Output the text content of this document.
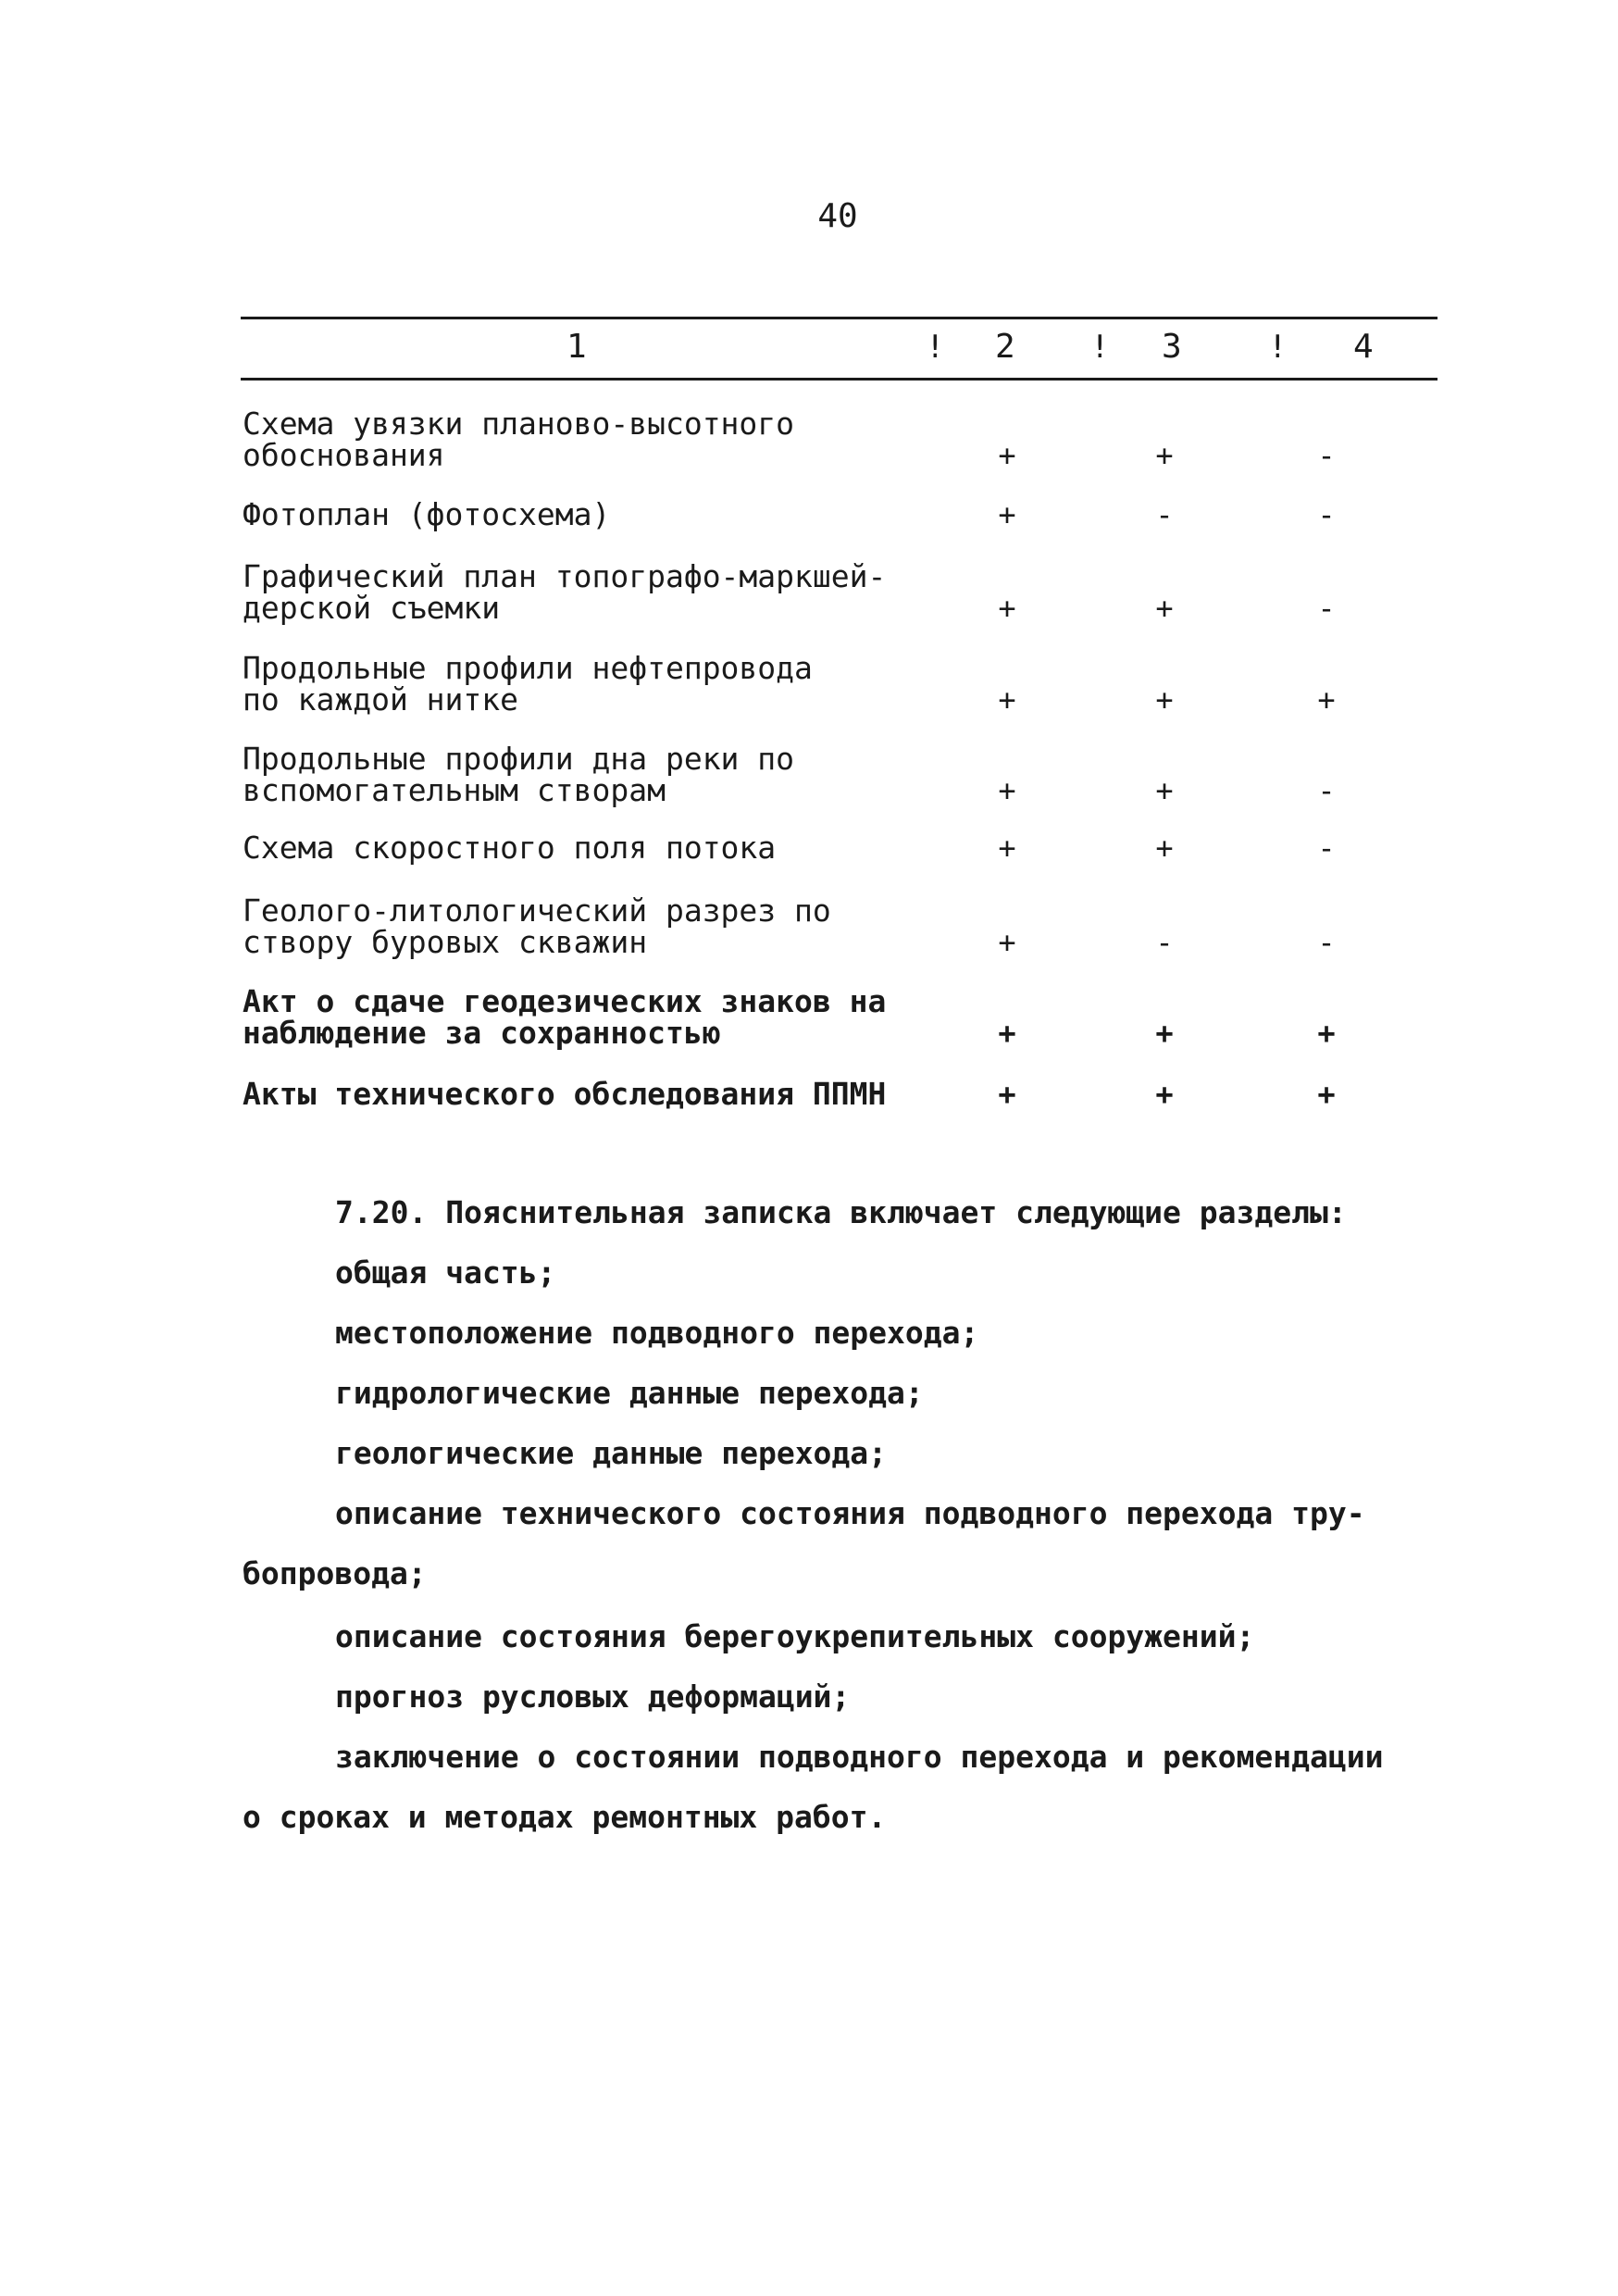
40
1	! 2 ! 3	! 4
Схема увязки планово-высотного
обоснования	+	+	-
Фотоплан (фотосхема)	+	-	-
Графический план топографо-маркшей-
дерской съемки	+	+	-
Продольные профили нефтепровода
по каждой нитке	+	+	+
Продольные профили дна реки по
вспомогательным створам	+	+	-
Схема скоростного поля потока	+	+	-
Геолого-литологический разрез по
створу буровых скважин	+	-	-
Акт о сдаче геодезических знаков на
наблюдение за сохранностью	+	+	+
Акты технического обследования ППМН	+	+	+
7.20. Пояснительная записка включает следующие разделы:
общая часть;
местоположение подводного перехода;
гидрологические данные перехода;
геологические данные перехода;
описание технического состояния подводного перехода тру-
бопровода;
описание состояния берегоукрепительных сооружений;
прогноз русловых деформаций;
заключение о состоянии подводного перехода и рекомендации
о сроках и методах ремонтных работ.
